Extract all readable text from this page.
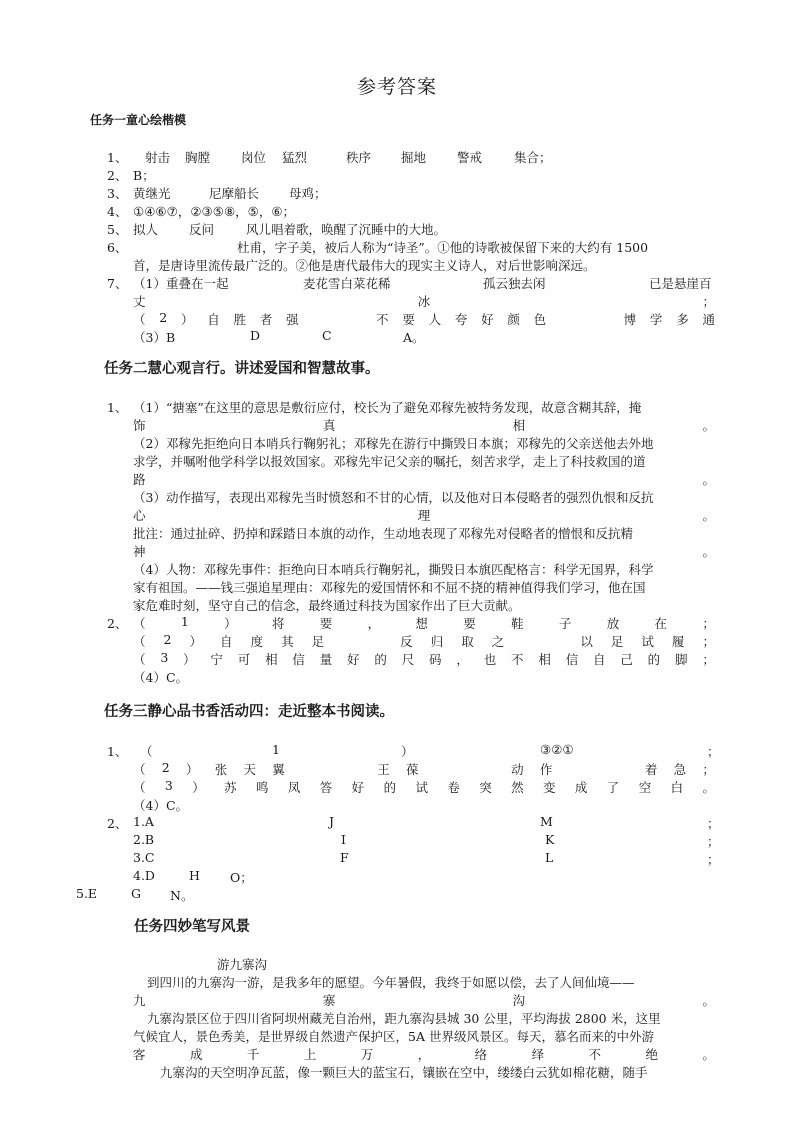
参考答案
任务一童心绘楷模
1、 射击 胸膛 岗位 猛烈	秩序 掘地 警戒	集合；
2、 B；
3、 黄继光	尼摩船长 母鸡；
4、 ①④⑥⑦，②③⑤⑧，⑤，⑥；
5、 拟人 反问	风儿唱着歌，唤醒了沉睡中的大地。
6、	杜甫，字子美，被后人称为“诗圣”。①他的诗歌被保留下来的大约有 1500
首，是唐诗里流传最广泛的。②他是唐代最伟大的现实主义诗人，对后世影响深远。
7、 （1）重叠在一起	麦花雪白菜花稀	孤云独去闲	已是悬崖百
丈	冰	；
（ 2 ） 自 胜 者 强	不 要 人 夸 好 颜 色	博 学 多 通
（3）B	D	C	A。
任务二慧心观言行。讲述爱国和智慧故事。
1、 （1）“搪塞”在这里的意思是敷衍应付，校长为了避免邓稼先被特务发现，故意含糊其辞，掩
饰	真	相	。
（2）邓稼先拒绝向日本哨兵行鞠躬礼；邓稼先在游行中撕毁日本旗；邓稼先的父亲送他去外地
求学，并嘱咐他学科学以报效国家。邓稼先牢记父亲的嘱托，刻苦求学，走上了科技救国的道
路	。
（3）动作描写，表现出邓稼先当时愤怒和不甘的心情，以及他对日本侵略者的强烈仇恨和反抗
心	理	。
批注：通过扯碎、扔掉和踩踏日本旗的动作，生动地表现了邓稼先对侵略者的憎恨和反抗精
神	。
（4）人物：邓稼先事件：拒绝向日本哨兵行鞠躬礼，撕毁日本旗匹配格言：科学无国界，科学
家有祖国。——钱三强追星理由：邓稼先的爱国情怀和不屈不挠的精神值得我们学习，他在国
家危难时刻，坚守自己的信念，最终通过科技为国家作出了巨大贡献。
2、 （	1	）	将	要	，	想	要	鞋	子	放	在	；
（ 2 ） 自 度 其 足	反 归 取 之	以 足 试 履 ；
（ 3 ） 宁 可 相 信 量 好 的 尺 码 ， 也 不 相 信 自 己 的 脚 ；
（4）C。
任务三静心品书香活动四：走近整本书阅读。
1、 （	1	）	③②①	；
（ 2 ） 张 天 翼	王 葆	动 作	着 急 ；
（ 3 ） 苏 鸣 凤 答 好 的 试 卷 突 然 变 成 了 空 白 。
（4）C。
2、 1.A	J	M	；
2.B	I	K	；
3.C	F	L	；
4.D	H O；
5.E	G N。
任务四妙笔写风景
游九寨沟
到四川的九寨沟一游，是我多年的愿望。今年暑假，我终于如愿以偿，去了人间仙境——
九	寨	沟	。
九寨沟景区位于四川省阿坝州藏羌自治州，距九寨沟县城 30 公里，平均海拔 2800 米，这里
气候宜人，景色秀美，是世界级自然遗产保护区，5A 世界级风景区。每天，慕名而来的中外游
客	成	千	上	万	，	络	绎	不	绝	。
九寨沟的天空明净瓦蓝，像一颗巨大的蓝宝石，镶嵌在空中，缕缕白云犹如棉花糖，随手
